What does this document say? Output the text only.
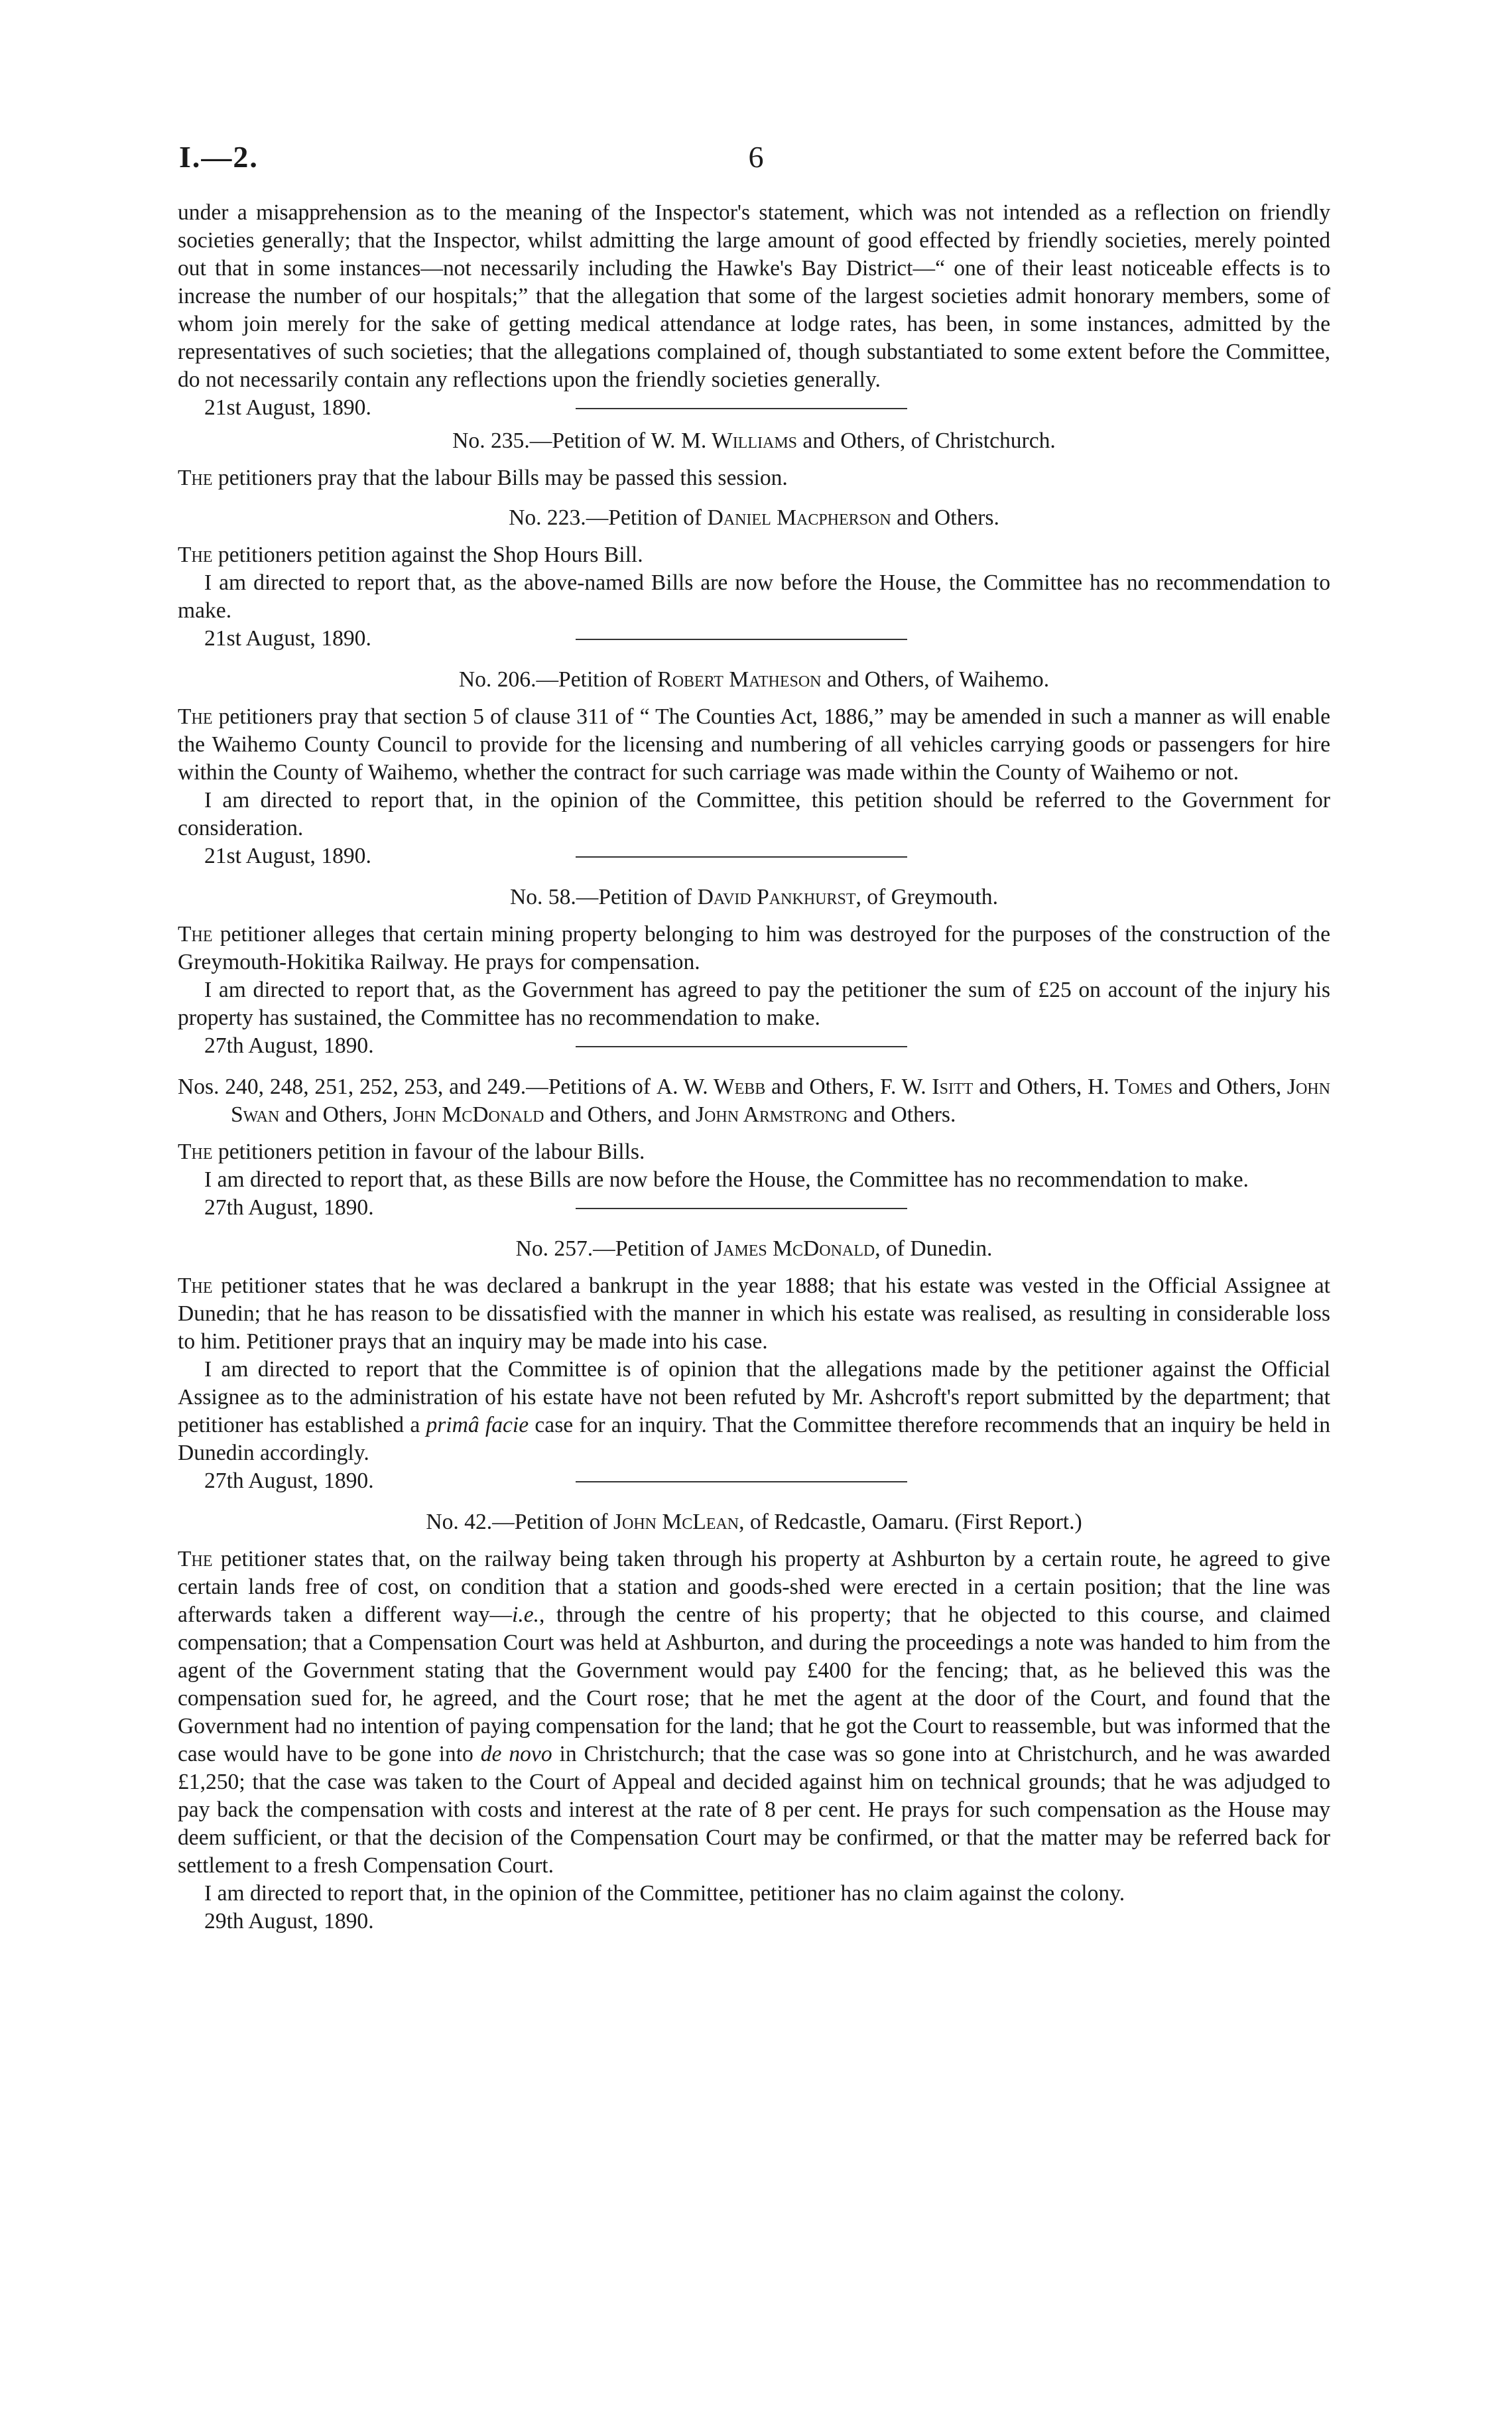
I.—2.	6

under a misapprehension as to the meaning of the Inspector's statement, which was not intended as a reflection on friendly societies generally; that the Inspector, whilst admitting the large amount of good effected by friendly societies, merely pointed out that in some instances—not necessarily including the Hawke's Bay District—“ one of their least noticeable effects is to increase the number of our hospitals;” that the allegation that some of the largest societies admit honorary members, some of whom join merely for the sake of getting medical attendance at lodge rates, has been, in some instances, admitted by the representatives of such societies; that the allegations complained of, though substantiated to some extent before the Committee, do not necessarily contain any reflections upon the friendly societies generally.

21st August, 1890.

No. 235.—Petition of W. M. Williams and Others, of Christchurch.

The petitioners pray that the labour Bills may be passed this session.

No. 223.—Petition of Daniel Macpherson and Others.

The petitioners petition against the Shop Hours Bill.

I am directed to report that, as the above-named Bills are now before the House, the Committee has no recommendation to make.

21st August, 1890.

No. 206.—Petition of Robert Matheson and Others, of Waihemo.

The petitioners pray that section 5 of clause 311 of “ The Counties Act, 1886,” may be amended in such a manner as will enable the Waihemo County Council to provide for the licensing and numbering of all vehicles carrying goods or passengers for hire within the County of Waihemo, whether the contract for such carriage was made within the County of Waihemo or not.

I am directed to report that, in the opinion of the Committee, this petition should be referred to the Government for consideration.

21st August, 1890.

No. 58.—Petition of David Pankhurst, of Greymouth.

The petitioner alleges that certain mining property belonging to him was destroyed for the purposes of the construction of the Greymouth-Hokitika Railway. He prays for compensation.

I am directed to report that, as the Government has agreed to pay the petitioner the sum of £25 on account of the injury his property has sustained, the Committee has no recommendation to make.

27th August, 1890.

Nos. 240, 248, 251, 252, 253, and 249.—Petitions of A. W. Webb and Others, F. W. Isitt and Others, H. Tomes and Others, John Swan and Others, John McDonald and Others, and John Armstrong and Others.

The petitioners petition in favour of the labour Bills.

I am directed to report that, as these Bills are now before the House, the Committee has no recommendation to make.

27th August, 1890.

No. 257.—Petition of James McDonald, of Dunedin.

The petitioner states that he was declared a bankrupt in the year 1888; that his estate was vested in the Official Assignee at Dunedin; that he has reason to be dissatisfied with the manner in which his estate was realised, as resulting in considerable loss to him. Petitioner prays that an inquiry may be made into his case.

I am directed to report that the Committee is of opinion that the allegations made by the petitioner against the Official Assignee as to the administration of his estate have not been refuted by Mr. Ashcroft's report submitted by the department; that petitioner has established a primâ facie case for an inquiry. That the Committee therefore recommends that an inquiry be held in Dunedin accordingly.

27th August, 1890.

No. 42.—Petition of John McLean, of Redcastle, Oamaru. (First Report.)

The petitioner states that, on the railway being taken through his property at Ashburton by a certain route, he agreed to give certain lands free of cost, on condition that a station and goods-shed were erected in a certain position; that the line was afterwards taken a different way—i.e., through the centre of his property; that he objected to this course, and claimed compensation; that a Compensation Court was held at Ashburton, and during the proceedings a note was handed to him from the agent of the Government stating that the Government would pay £400 for the fencing; that, as he believed this was the compensation sued for, he agreed, and the Court rose; that he met the agent at the door of the Court, and found that the Government had no intention of paying compensation for the land; that he got the Court to reassemble, but was informed that the case would have to be gone into de novo in Christchurch; that the case was so gone into at Christchurch, and he was awarded £1,250; that the case was taken to the Court of Appeal and decided against him on technical grounds; that he was adjudged to pay back the compensation with costs and interest at the rate of 8 per cent. He prays for such compensation as the House may deem sufficient, or that the decision of the Compensation Court may be confirmed, or that the matter may be referred back for settlement to a fresh Compensation Court.

I am directed to report that, in the opinion of the Committee, petitioner has no claim against the colony.

29th August, 1890.
